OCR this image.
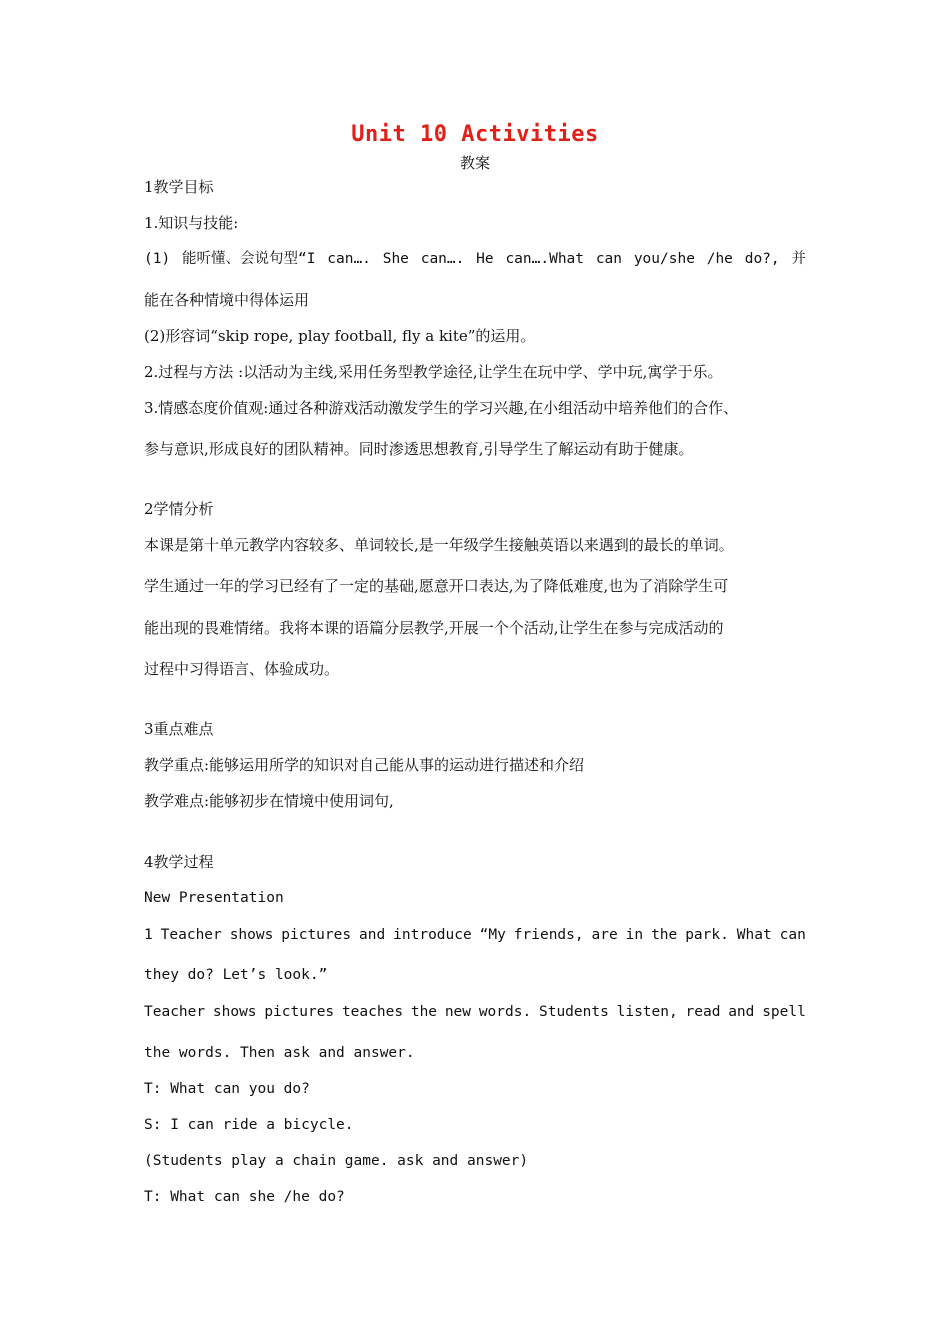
Unit 10 Activities
教案
1教学目标
1.知识与技能:
(1) 能听懂、会说句型“I can…. She can…. He can….What can you/she /he do?, 并
能在各种情境中得体运用
(2)形容词“skip rope, play football, fly a kite”的运用。
2.过程与方法 :以活动为主线,采用任务型教学途径,让学生在玩中学、学中玩,寓学于乐。
3.情感态度价值观:通过各种游戏活动激发学生的学习兴趣,在小组活动中培养他们的合作、
参与意识,形成良好的团队精神。同时渗透思想教育,引导学生了解运动有助于健康。
2学情分析
本课是第十单元教学内容较多、单词较长,是一年级学生接触英语以来遇到的最长的单词。
学生通过一年的学习已经有了一定的基础,愿意开口表达,为了降低难度,也为了消除学生可
能出现的畏难情绪。我将本课的语篇分层教学,开展一个个活动,让学生在参与完成活动的
过程中习得语言、体验成功。
3重点难点
教学重点:能够运用所学的知识对自己能从事的运动进行描述和介绍
教学难点:能够初步在情境中使用词句,
4教学过程
New Presentation
1 Teacher shows pictures and introduce “My friends, are in the park. What can
they do? Let’s look.”
Teacher shows pictures teaches the new words. Students listen, read and spell
the words. Then ask and answer.
T: What can you do?
S: I can ride a bicycle.
(Students play a chain game. ask and answer)
T: What can she /he do?
